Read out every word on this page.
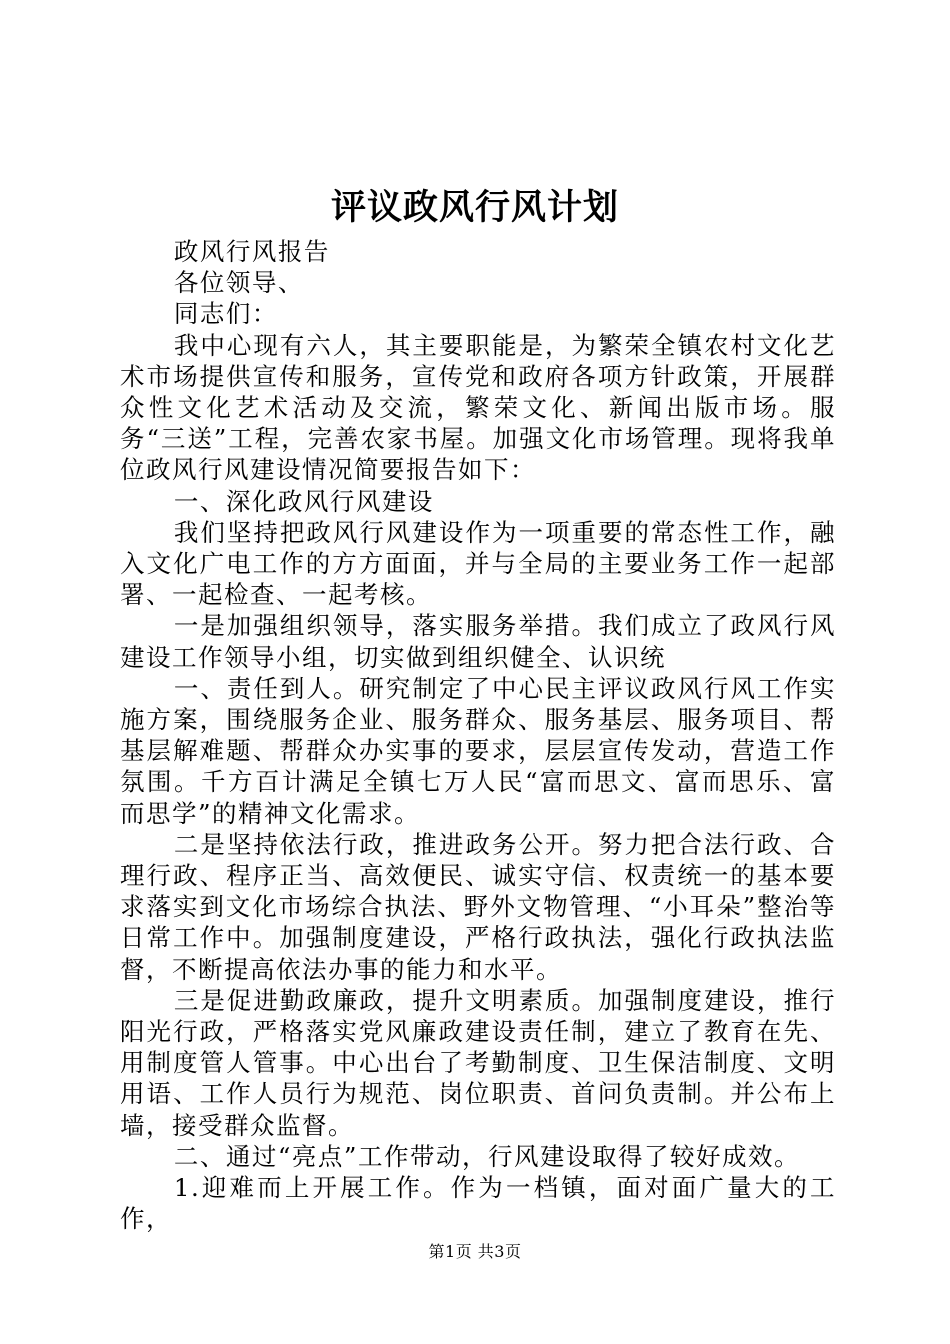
评议政风行风计划

政风行风报告

各位领导、

同志们：

我中心现有六人，其主要职能是，为繁荣全镇农村文化艺术市场提供宣传和服务，宣传党和政府各项方针政策，开展群众性文化艺术活动及交流，繁荣文化、新闻出版市场。服务“三送”工程，完善农家书屋。加强文化市场管理。现将我单位政风行风建设情况简要报告如下：

一、深化政风行风建设

我们坚持把政风行风建设作为一项重要的常态性工作，融入文化广电工作的方方面面，并与全局的主要业务工作一起部署、一起检查、一起考核。

一是加强组织领导，落实服务举措。我们成立了政风行风建设工作领导小组，切实做到组织健全、认识统

一、责任到人。研究制定了中心民主评议政风行风工作实施方案，围绕服务企业、服务群众、服务基层、服务项目、帮基层解难题、帮群众办实事的要求，层层宣传发动，营造工作氛围。千方百计满足全镇七万人民“富而思文、富而思乐、富而思学”的精神文化需求。

二是坚持依法行政，推进政务公开。努力把合法行政、合理行政、程序正当、高效便民、诚实守信、权责统一的基本要求落实到文化市场综合执法、野外文物管理、“小耳朵”整治等日常工作中。加强制度建设，严格行政执法，强化行政执法监督，不断提高依法办事的能力和水平。

三是促进勤政廉政，提升文明素质。加强制度建设，推行阳光行政，严格落实党风廉政建设责任制，建立了教育在先、用制度管人管事。中心出台了考勤制度、卫生保洁制度、文明用语、工作人员行为规范、岗位职责、首问负责制。并公布上墙，接受群众监督。

二、通过“亮点”工作带动，行风建设取得了较好成效。

1.迎难而上开展工作。作为一档镇，面对面广量大的工作，

第1页 共3页
